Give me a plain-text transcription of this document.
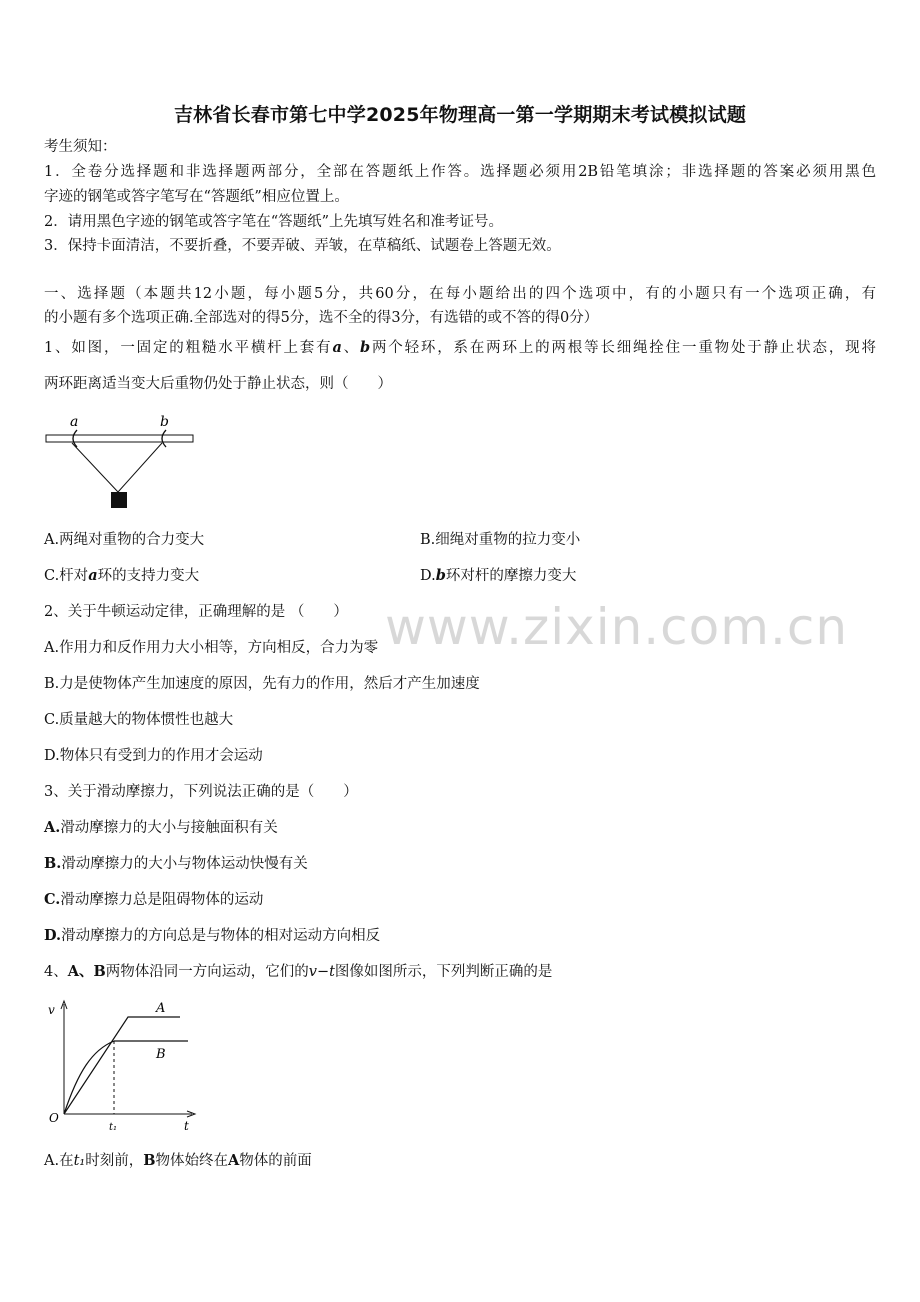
吉林省长春市第七中学2025年物理高一第一学期期末考试模拟试题
考生须知：
1．全卷分选择题和非选择题两部分，全部在答题纸上作答。选择题必须用2B铅笔填涂；非选择题的答案必须用黑色
字迹的钢笔或答字笔写在“答题纸”相应位置上。
2．请用黑色字迹的钢笔或答字笔在“答题纸”上先填写姓名和准考证号。
3．保持卡面清洁，不要折叠，不要弄破、弄皱，在草稿纸、试题卷上答题无效。
一、选择题（本题共12小题，每小题5分，共60分，在每小题给出的四个选项中，有的小题只有一个选项正确，有
的小题有多个选项正确.全部选对的得5分，选不全的得3分，有选错的或不答的得0分）
1、如图，一固定的粗糙水平横杆上套有a、b两个轻环，系在两环上的两根等长细绳拴住一重物处于静止状态，现将
两环距离适当变大后重物仍处于静止状态，则（　　）
a	b
A.两绳对重物的合力变大	B.细绳对重物的拉力变小
C.杆对a环的支持力变大	D.b环对杆的摩擦力变大
www.zixin.com.cn
2、关于牛顿运动定律，正确理解的是 （　　）
A.作用力和反作用力大小相等，方向相反，合力为零
B.力是使物体产生加速度的原因，先有力的作用，然后才产生加速度
C.质量越大的物体惯性也越大
D.物体只有受到力的作用才会运动
3、关于滑动摩擦力，下列说法正确的是（　　）
A.滑动摩擦力的大小与接触面积有关
B.滑动摩擦力的大小与物体运动快慢有关
C.滑动摩擦力总是阻碍物体的运动
D.滑动摩擦力的方向总是与物体的相对运动方向相反
4、A、B两物体沿同一方向运动，它们的v−t图像如图所示，下列判断正确的是
v
O
t
t₁
A
B
A.在t₁时刻前，B物体始终在A物体的前面
